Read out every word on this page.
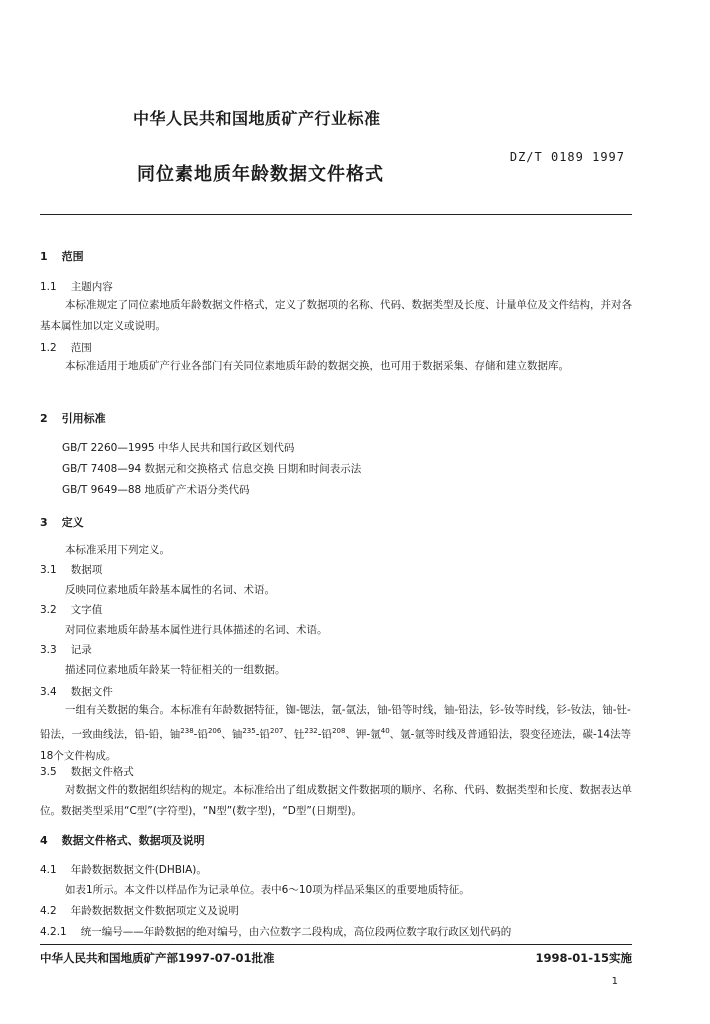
中华人民共和国地质矿产行业标准
DZ/T 0189 1997
同位素地质年龄数据文件格式
1 范围
1.1 主题内容
本标准规定了同位素地质年龄数据文件格式，定义了数据项的名称、代码、数据类型及长度、计量单位及文件结构，并对各基本属性加以定义或说明。
1.2 范围
本标准适用于地质矿产行业各部门有关同位素地质年龄的数据交换，也可用于数据采集、存储和建立数据库。
2 引用标准
GB/T 2260—1995 中华人民共和国行政区划代码
GB/T 7408—94 数据元和交换格式 信息交换 日期和时间表示法
GB/T 9649—88 地质矿产术语分类代码
3 定义
本标准采用下列定义。
3.1 数据项
反映同位素地质年龄基本属性的名词、术语。
3.2 文字值
对同位素地质年龄基本属性进行具体描述的名词、术语。
3.3 记录
描述同位素地质年龄某一特征相关的一组数据。
3.4 数据文件
一组有关数据的集合。本标准有年龄数据特征，铷-锶法，氩-氩法，铀-铅等时线，铀-铅法，钐-钕等时线，钐-钕法，铀-钍-铅法，一致曲线法，铅-铅，铀$^{238}$-铅$^{206}$、铀$^{235}$-铅$^{207}$、钍$^{232}$-铅$^{208}$、钾-氩$^{40}$、氩-氩等时线及普通铅法，裂变径迹法，碳-14法等18个文件构成。
3.5 数据文件格式
对数据文件的数据组织结构的规定。本标准给出了组成数据文件数据项的顺序、名称、代码、数据类型和长度、数据表达单位。数据类型采用“C型”(字符型)，“N型”(数字型)，“D型”(日期型)。
4 数据文件格式、数据项及说明
4.1 年龄数据数据文件(DHBIA)。
如表1所示。本文件以样品作为记录单位。表中6～10项为样品采集区的重要地质特征。
4.2 年龄数据数据文件数据项定义及说明
4.2.1 统一编号——年龄数据的绝对编号，由六位数字二段构成，高位段两位数字取行政区划代码的
中华人民共和国地质矿产部1997-07-01批准	1998-01-15实施
1
